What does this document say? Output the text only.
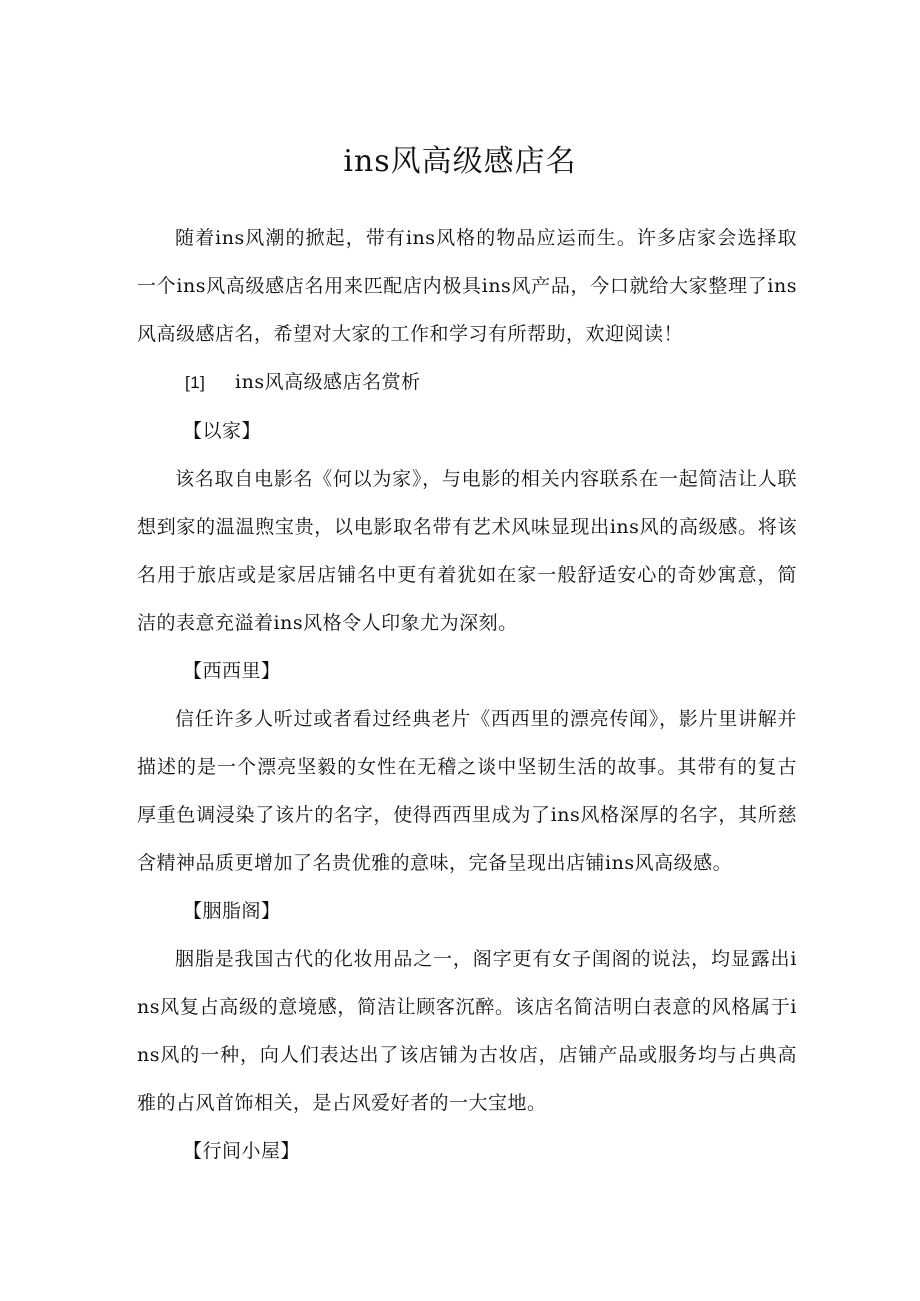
ins风高级感店名

随着ins风潮的掀起，带有ins风格的物品应运而生。许多店家会选择取一个ins风高级感店名用来匹配店内极具ins风产品，今口就给大家整理了ins风高级感店名，希望对大家的工作和学习有所帮助，欢迎阅读！

[1] ins风高级感店名赏析

【以家】

该名取自电影名《何以为家》，与电影的相关内容联系在一起简洁让人联想到家的温温煦宝贵，以电影取名带有艺术风味显现出ins风的高级感。将该名用于旅店或是家居店铺名中更有着犹如在家一般舒适安心的奇妙寓意，简洁的表意充溢着ins风格令人印象尤为深刻。

【西西里】

信任许多人听过或者看过经典老片《西西里的漂亮传闻》，影片里讲解并描述的是一个漂亮坚毅的女性在无稽之谈中坚韧生活的故事。其带有的复古厚重色调浸染了该片的名字，使得西西里成为了ins风格深厚的名字，其所慈含精神品质更增加了名贵优雅的意味，完备呈现出店铺ins风高级感。

【胭脂阁】

胭脂是我国古代的化妆用品之一，阁字更有女子闺阁的说法，均显露出ins风复占高级的意境感，简洁让顾客沉醉。该店名简洁明白表意的风格属于ins风的一种，向人们表达出了该店铺为古妆店，店铺产品或服务均与占典高雅的占风首饰相关，是占风爱好者的一大宝地。

【行间小屋】
